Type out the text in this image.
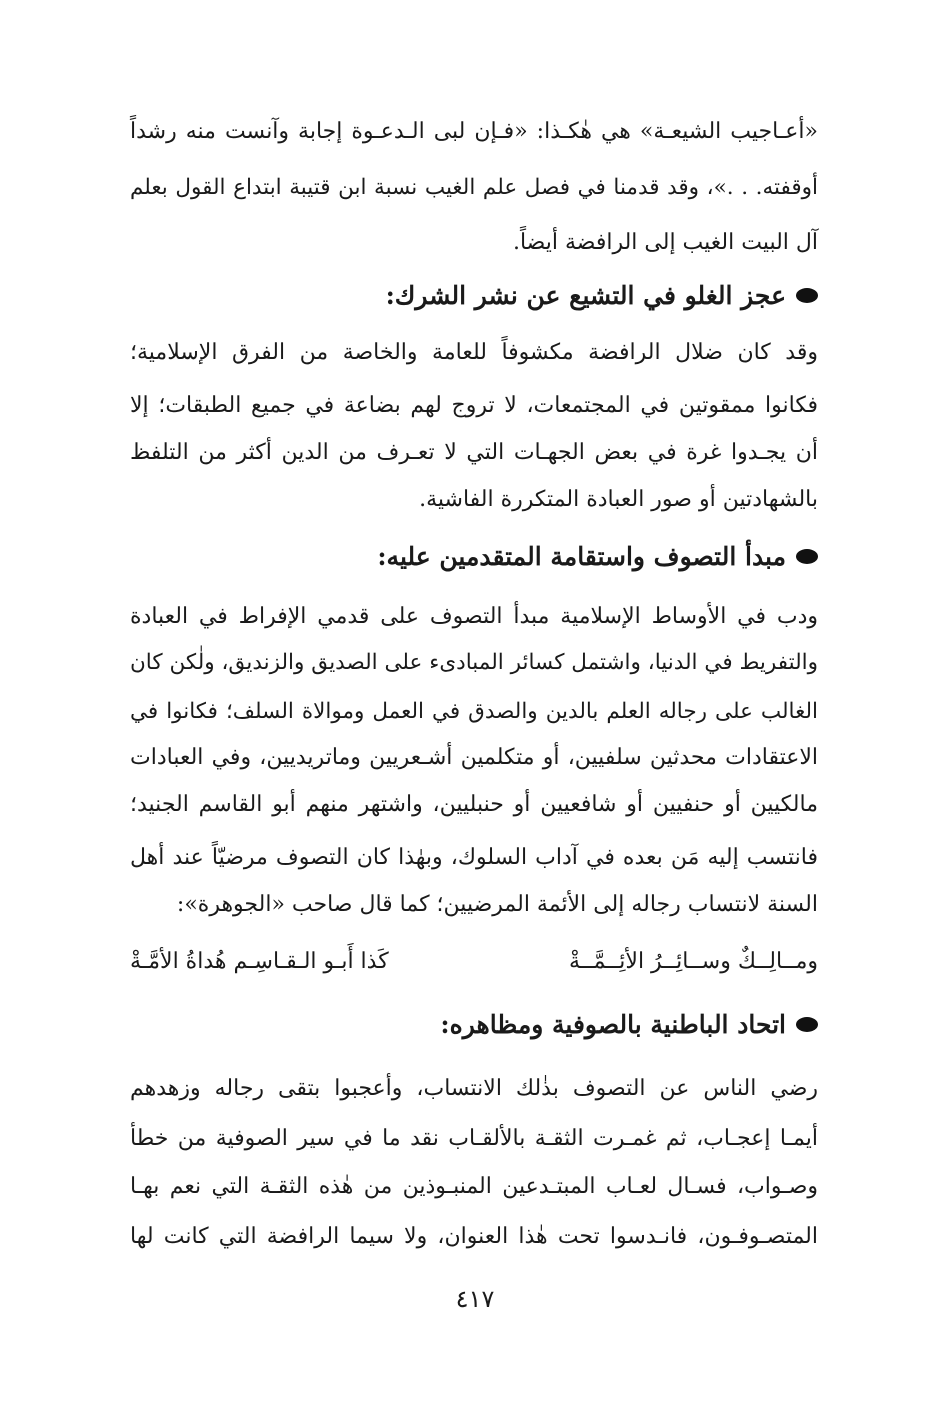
«أعـاجيب الشيعـة» هي هٰكـذا: «فـإن لبى الـدعـوة إجابة وآنست منه رشداً
أوقفته. . .»، وقد قدمنا في فصل علم الغيب نسبة ابن قتيبة ابتداع القول بعلم
آل البيت الغيب إلى الرافضة أيضاً.
عجز الغلو في التشيع عن نشر الشرك:
وقد كان ضلال الرافضة مكشوفاً للعامة والخاصة من الفرق الإسلامية؛
فكانوا ممقوتين في المجتمعات، لا تروج لهم بضاعة في جميع الطبقات؛ إلا
أن يجـدوا غرة في بعض الجهـات التي لا تعـرف من الدين أكثر من التلفظ
بالشهادتين أو صور العبادة المتكررة الفاشية.
مبدأ التصوف واستقامة المتقدمين عليه:
ودب في الأوساط الإسلامية مبدأ التصوف على قدمي الإفراط في العبادة
والتفريط في الدنيا، واشتمل كسائر المبادىء على الصديق والزنديق، ولٰكن كان
الغالب على رجاله العلم بالدين والصدق في العمل وموالاة السلف؛ فكانوا في
الاعتقادات محدثين سلفيين، أو متكلمين أشـعريين وماتريديين، وفي العبادات
مالكيين أو حنفيين أو شافعيين أو حنبليين، واشتهر منهم أبو القاسم الجنيد؛
فانتسب إليه مَن بعده في آداب السلوك، وبهٰذا كان التصوف مرضيّاً عند أهل
السنة لانتساب رجاله إلى الأئمة المرضيين؛ كما قال صاحب «الجوهرة»:
ومــالِــكٌ وســائِــرُ الأئِــمَّــةْ
كَذا أَبـو الـقـاسِـم هُداةُ الأمَّـةْ
اتحاد الباطنية بالصوفية ومظاهره:
رضي الناس عن التصوف بذٰلك الانتساب، وأعجبوا بتقى رجاله وزهدهم
أيمـا إعجـاب، ثم غمـرت الثقـة بالألقـاب نقد ما في سير الصوفية من خطأ
وصـواب، فسـال لعـاب المبتـدعين المنبـوذين من هٰذه الثقـة التي نعم بهـا
المتصـوفـون، فانـدسوا تحت هٰذا العنوان، ولا سيما الرافضة التي كانت لها
٤١٧
